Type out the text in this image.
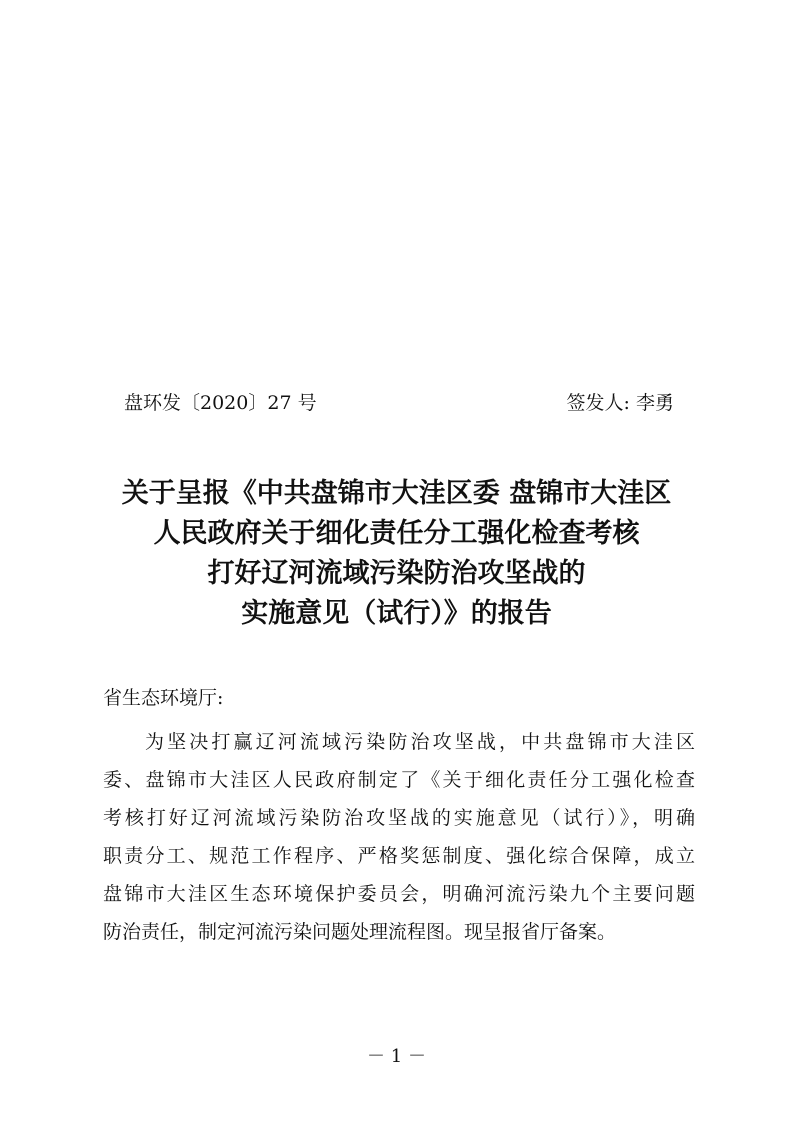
盘环发〔2020〕27 号	签发人: 李勇
关于呈报《中共盘锦市大洼区委 盘锦市大洼区
人民政府关于细化责任分工强化检查考核
打好辽河流域污染防治攻坚战的
实施意见（试行）》的报告
省生态环境厅:
为坚决打赢辽河流域污染防治攻坚战，中共盘锦市大洼区
委、盘锦市大洼区人民政府制定了《关于细化责任分工强化检查
考核打好辽河流域污染防治攻坚战的实施意见（试行）》，明确
职责分工、规范工作程序、严格奖惩制度、强化综合保障，成立
盘锦市大洼区生态环境保护委员会，明确河流污染九个主要问题
防治责任，制定河流污染问题处理流程图。现呈报省厅备案。
－ 1 －
